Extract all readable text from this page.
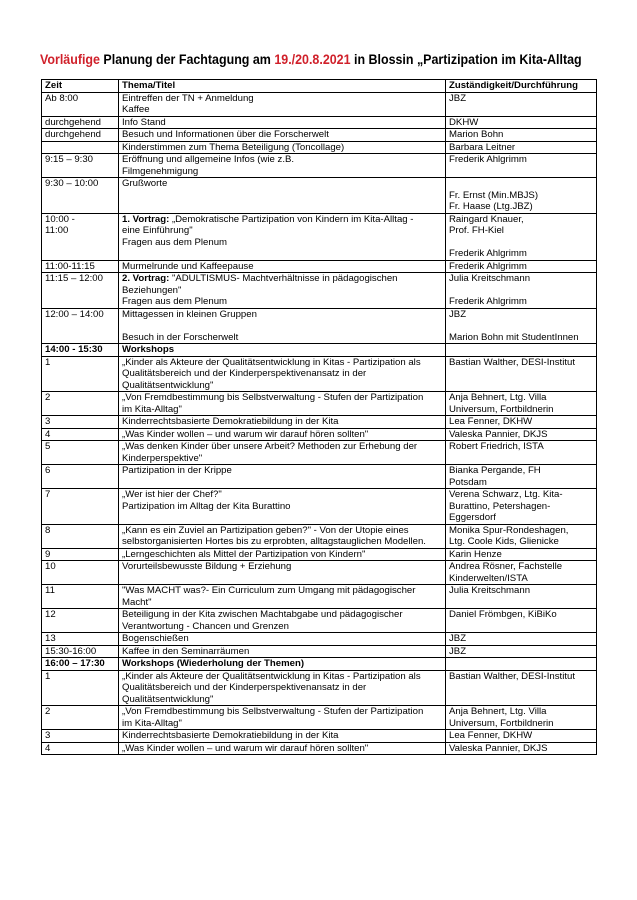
Vorläufige Planung der Fachtagung am 19./20.8.2021 in Blossin „Partizipation im Kita-Alltag
Zeit	Thema/Titel	Zuständigkeit/Durchführung

Ab 8:00	Eintreffen der TN + Anmeldung
Kaffee	JBZ

durchgehend	Info Stand	DKHW

durchgehend	Besuch und Informationen über die Forscherwelt	Marion Bohn

	Kinderstimmen zum Thema Beteiligung (Toncollage)	Barbara Leitner

9:15 – 9:30	Eröffnung und allgemeine Infos (wie z.B.
Filmgenehmigung	Frederik Ahlgrimm

9:30 – 10:00	Grußworte	Fr. Ernst (Min.MBJS)
Fr. Haase (Ltg.JBZ)

10:00 -
11:00	1. Vortrag: „Demokratische Partizipation von Kindern im Kita-Alltag -
eine Einführung"
Fragen aus dem Plenum	Raingard Knauer,
Prof. FH-Kiel
Frederik Ahlgrimm

11:00-11:15	Murmelrunde und Kaffeepause	Frederik Ahlgrimm

11:15 – 12:00	2. Vortrag: "ADULTISMUS- Machtverhältnisse in pädagogischen
Beziehungen"
Fragen aus dem Plenum	Julia Kreitschmann
Frederik Ahlgrimm

12:00 – 14:00	Mittagessen in kleinen Gruppen
Besuch in der Forscherwelt	JBZ
Marion Bohn mit StudentInnen

14:00 - 15:30	Workshops	

1	„Kinder als Akteure der Qualitätsentwicklung in Kitas - Partizipation als
Qualitätsbereich und der Kinderperspektivenansatz in der
Qualitätsentwicklung"	Bastian Walther, DESI-Institut

2	„Von Fremdbestimmung bis Selbstverwaltung - Stufen der Partizipation
im Kita-Alltag"	Anja Behnert, Ltg. Villa
Universum, Fortbildnerin

3	Kinderrechtsbasierte Demokratiebildung in der Kita	Lea Fenner, DKHW

4	„Was Kinder wollen – und warum wir darauf hören sollten"	Valeska Pannier, DKJS

5	„Was denken Kinder über unsere Arbeit? Methoden zur Erhebung der
Kinderperspektive"	Robert Friedrich, ISTA

6	Partizipation in der Krippe	Bianka Pergande, FH
Potsdam

7	„Wer ist hier der Chef?"
Partizipation im Alltag der Kita Burattino	Verena Schwarz, Ltg. Kita-
Burattino, Petershagen-
Eggersdorf

8	„Kann es ein Zuviel an Partizipation geben?" - Von der Utopie eines
selbstorganisierten Hortes bis zu erprobten, alltagstauglichen Modellen.	Monika Spur-Rondeshagen,
Ltg. Coole Kids, Glienicke

9	„Lerngeschichten als Mittel der Partizipation von Kindern"	Karin Henze

10	Vorurteilsbewusste Bildung + Erziehung	Andrea Rösner, Fachstelle
Kinderwelten/ISTA

11	"Was MACHT was?- Ein Curriculum zum Umgang mit pädagogischer
Macht"	Julia Kreitschmann

12	Beteiligung in der Kita zwischen Machtabgabe und pädagogischer
Verantwortung - Chancen und Grenzen	Daniel Frömbgen, KiBiKo

13	Bogenschießen	JBZ

15:30-16:00	Kaffee in den Seminarräumen	JBZ

16:00 – 17:30	Workshops (Wiederholung der Themen)	

1	„Kinder als Akteure der Qualitätsentwicklung in Kitas - Partizipation als
Qualitätsbereich und der Kinderperspektivenansatz in der
Qualitätsentwicklung"	Bastian Walther, DESI-Institut

2	„Von Fremdbestimmung bis Selbstverwaltung - Stufen der Partizipation
im Kita-Alltag"	Anja Behnert, Ltg. Villa
Universum, Fortbildnerin

3	Kinderrechtsbasierte Demokratiebildung in der Kita	Lea Fenner, DKHW

4	„Was Kinder wollen – und warum wir darauf hören sollten"	Valeska Pannier, DKJS
